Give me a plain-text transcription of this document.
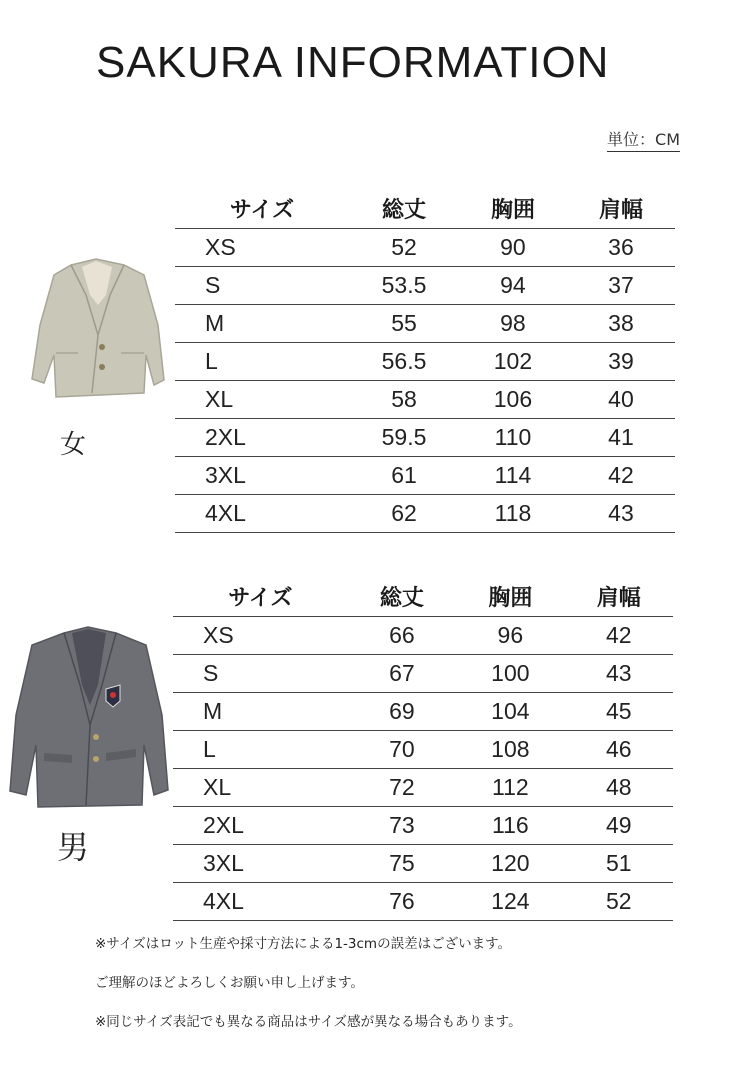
SAKURA INFORMATION
単位：CM
女
サイズ	総丈	胸囲	肩幅
XS	52	90	36
S	53.5	94	37
M	55	98	38
L	56.5	102	39
XL	58	106	40
2XL	59.5	110	41
3XL	61	114	42
4XL	62	118	43
男
サイズ	総丈	胸囲	肩幅
XS	66	96	42
S	67	100	43
M	69	104	45
L	70	108	46
XL	72	112	48
2XL	73	116	49
3XL	75	120	51
4XL	76	124	52

※サイズはロット生産や採寸方法による1-3cmの誤差はございます。

ご理解のほどよろしくお願い申し上げます。

※同じサイズ表記でも異なる商品はサイズ感が異なる場合もあります。
